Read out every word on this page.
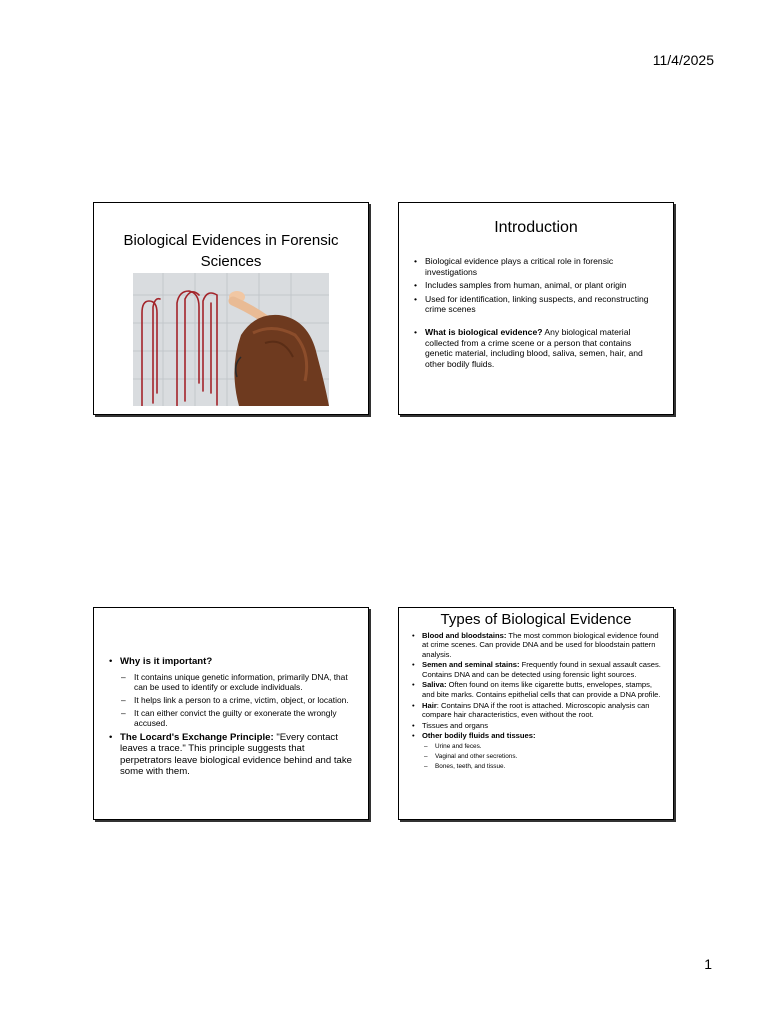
11/4/2025
Biological Evidences in Forensic Sciences
Introduction
• Biological evidence plays a critical role in forensic investigations
• Includes samples from human, animal, or plant origin
• Used for identification, linking suspects, and reconstructing crime scenes
• What is biological evidence? Any biological material collected from a crime scene or a person that contains genetic material, including blood, saliva, semen, hair, and other bodily fluids.
• Why is it important?
– It contains unique genetic information, primarily DNA, that can be used to identify or exclude individuals.
– It helps link a person to a crime, victim, object, or location.
– It can either convict the guilty or exonerate the wrongly accused.
• The Locard's Exchange Principle: "Every contact leaves a trace." This principle suggests that perpetrators leave biological evidence behind and take some with them.
Types of Biological Evidence
• Blood and bloodstains: The most common biological evidence found at crime scenes. Can provide DNA and be used for bloodstain pattern analysis.
• Semen and seminal stains: Frequently found in sexual assault cases. Contains DNA and can be detected using forensic light sources.
• Saliva: Often found on items like cigarette butts, envelopes, stamps, and bite marks. Contains epithelial cells that can provide a DNA profile.
• Hair: Contains DNA if the root is attached. Microscopic analysis can compare hair characteristics, even without the root.
• Tissues and organs
• Other bodily fluids and tissues:
– Urine and feces.
– Vaginal and other secretions.
– Bones, teeth, and tissue.
1
